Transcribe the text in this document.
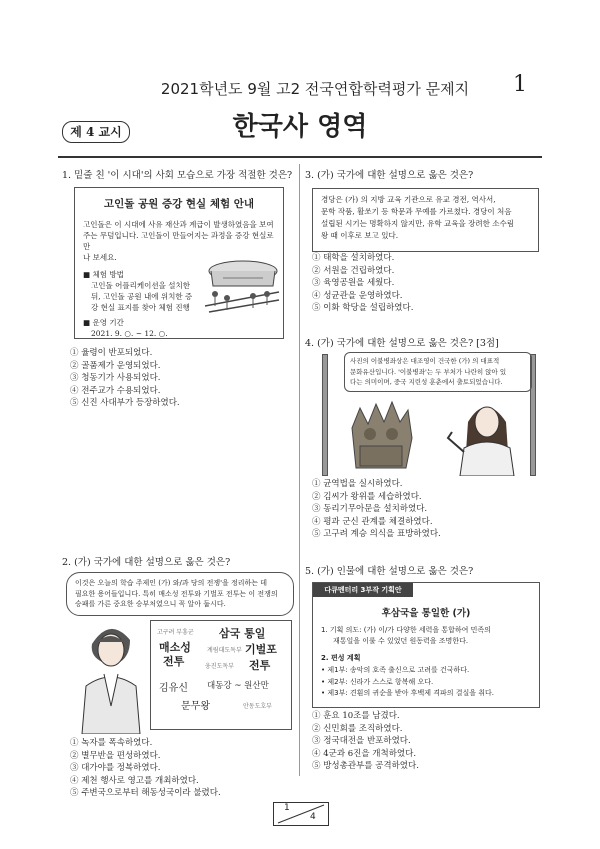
2021학년도 9월 고2 전국연합학력평가 문제지	1
제 4 교시	한국사 영역
1. 밑줄 친 '이 시대'의 사회 모습으로 가장 적절한 것은?
고인돌 공원 증강 현실 체험 안내
고인돌은 이 시대에 사유 재산과 계급이 발생하였음을 보여
주는 무덤입니다. 고인돌이 만들어지는 과정을 증강 현실로 만
나 보세요.
■ 체험 방법
고인돌 어플리케이션을 설치한
뒤, 고인돌 공원 내에 위치한 증
강 현실 표지를 찾아 체험 진행
■ 운영 기간
2021. 9. ○. ~ 12. ○.
① 율령이 반포되었다.
② 골품제가 운영되었다.
③ 청동기가 사용되었다.
④ 전주교가 수용되었다.
⑤ 신진 사대부가 등장하였다.
2. (가) 국가에 대한 설명으로 옳은 것은?
이것은 오늘의 학습 주제인 (가) 와/과 당의 전쟁'을 정리하는 데
필요한 용어들입니다. 특히 매소성 전투와 기벌포 전투는 이 전쟁의
승패를 가른 중요한 승부처였으니 꼭 알아 둡시다.
고구려 부흥군 삼국 통일
매소성
전투
계림대도독부 기벌포
웅진도독부 전투
김유신 대동강 ~ 원산만
문무왕	안동도호부
① 녹자를 폭속하였다.
② 별무반을 편성하였다.
③ 대가야를 정복하였다.
④ 제천 행사로 영고를 개최하였다.
⑤ 주변국으로부터 해동성국이라 불렸다.
3. (가) 국가에 대한 설명으로 옳은 것은?
경당은 (가) 의 지방 교육 기관으로 유교 경전, 역사서,
문학 작품, 활쏘기 등 학문과 무예를 가르쳤다. 경당이 처음
설립된 시기는 명확하지 않지만, 유학 교육을 장려한 소수림
왕 때 이후로 보고 있다.
① 태학을 설치하였다.
② 서원을 건립하였다.
③ 육영공원을 세웠다.
④ 성균관을 운영하였다.
⑤ 이화 학당을 설립하였다.
4. (가) 국가에 대한 설명으로 옳은 것은? [3점]
사진의 이불병좌상은 대조영이 건국한 (가) 의 대표적
문화유산입니다. '이불병좌'는 두 부처가 나란히 앉아 있
다는 의미이며, 중국 지린성 훈춘에서 출토되었습니다.
① 균역법을 실시하였다.
② 김씨가 왕위를 세습하였다.
③ 동리기무아문을 설치하였다.
④ 평과 군신 관계를 체결하였다.
⑤ 고구려 계승 의식을 표방하였다.
5. (가) 인물에 대한 설명으로 옳은 것은?
다큐멘터리 3부작 기획안
후삼국을 통일한 (가)
1. 기획 의도: (가) 이/가 다양한 세력을 통합하여 민족의
재통일을 이룰 수 있었던 원동력을 조명한다.
2. 편성 계획
• 제1부: 송악의 호족 출신으로 고려를 건국하다.
• 제2부: 신라가 스스로 항복해 오다.
• 제3부: 견훤의 귀순을 받아 후백제 격파의 결실을 취다.
① 훈요 10조를 남겼다.
② 신민회를 조직하였다.
③ 정국대전을 반포하였다.
④ 4군과 6진을 개척하였다.
⑤ 방성총관부를 공격하였다.
1
4
